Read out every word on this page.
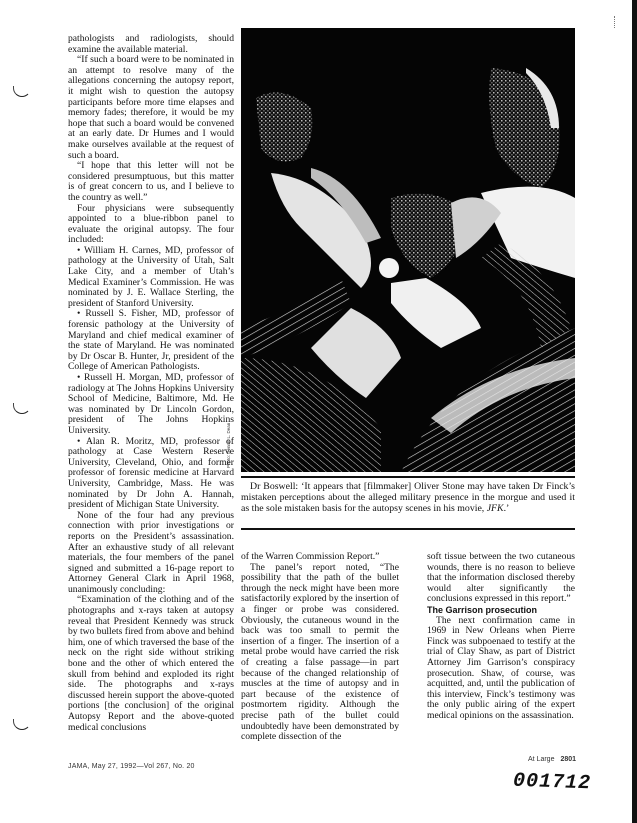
pathologists and radiologists, should examine the available material.

“If such a board were to be nominated in an attempt to resolve many of the allegations concerning the autopsy report, it might wish to question the autopsy participants before more time elapses and memory fades; therefore, it would be my hope that such a board would be convened at an early date. Dr Humes and I would make ourselves available at the request of such a board.

“I hope that this letter will not be considered presumptuous, but this matter is of great concern to us, and I believe to the country as well.”

Four physicians were subsequently appointed to a blue-ribbon panel to evaluate the original autopsy. The four included:

• William H. Carnes, MD, professor of pathology at the University of Utah, Salt Lake City, and a member of Utah’s Medical Examiner’s Commission. He was nominated by J. E. Wallace Sterling, the president of Stanford University.

• Russell S. Fisher, MD, professor of forensic pathology at the University of Maryland and chief medical examiner of the state of Maryland. He was nominated by Dr Oscar B. Hunter, Jr, president of the College of American Pathologists.

• Russell H. Morgan, MD, professor of radiology at The Johns Hopkins University School of Medicine, Baltimore, Md. He was nominated by Dr Lincoln Gordon, president of The Johns Hopkins University.

• Alan R. Moritz, MD, professor of pathology at Case Western Reserve University, Cleveland, Ohio, and former professor of forensic medicine at Harvard University, Cambridge, Mass. He was nominated by Dr John A. Hannah, president of Michigan State University.

None of the four had any previous connection with prior investigations or reports on the President’s assassination. After an exhaustive study of all relevant materials, the four members of the panel signed and submitted a 16-page report to Attorney General Clark in April 1968, unanimously concluding:

“Examination of the clothing and of the photographs and x-rays taken at autopsy reveal that President Kennedy was struck by two bullets fired from above and behind him, one of which traversed the base of the neck on the right side without striking bone and the other of which entered the skull from behind and exploded its right side. The photographs and x-rays discussed herein support the above-quoted portions [the conclusion] of the original Autopsy Report and the above-quoted medical conclusions

Photo: Dennis L. Dean

Dr Boswell: ‘It appears that [filmmaker] Oliver Stone may have taken Dr Finck’s mistaken perceptions about the alleged military presence in the morgue and used it as the sole mistaken basis for the autopsy scenes in his movie, JFK.’

of the Warren Commission Report.”

The panel’s report noted, “The possibility that the path of the bullet through the neck might have been more satisfactorily explored by the insertion of a finger or probe was considered. Obviously, the cutaneous wound in the back was too small to permit the insertion of a finger. The insertion of a metal probe would have carried the risk of creating a false passage—in part because of the changed relationship of muscles at the time of autopsy and in part because of the existence of postmortem rigidity. Although the precise path of the bullet could undoubtedly have been demonstrated by complete dissection of the

soft tissue between the two cutaneous wounds, there is no reason to believe that the information disclosed thereby would alter significantly the conclusions expressed in this report.”

The Garrison prosecution

The next confirmation came in 1969 in New Orleans when Pierre Finck was subpoenaed to testify at the trial of Clay Shaw, as part of District Attorney Jim Garrison’s conspiracy prosecution. Shaw, of course, was acquitted, and, until the publication of this interview, Finck’s testimony was the only public airing of the expert medical opinions on the assassination.

JAMA, May 27, 1992—Vol 267, No. 20
At Large 2801
001712
